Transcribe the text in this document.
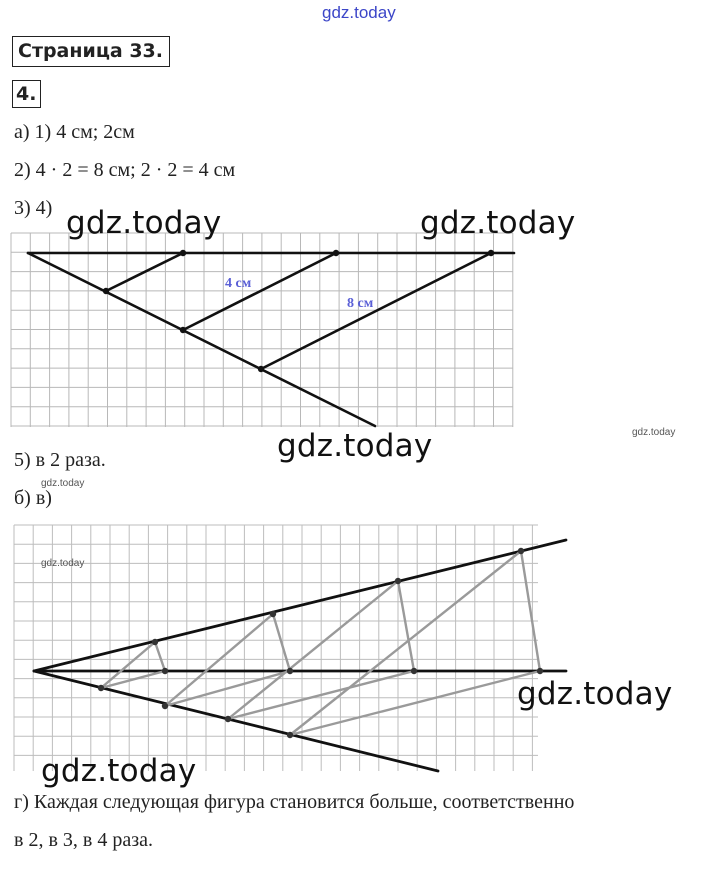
gdz.today
Страница 33.
4.
а) 1) 4 см; 2см
2) 4 · 2 = 8 см; 2 · 2 = 4 см
3) 4)
4 см
8 см
gdz.today	gdz.today
gdz.today	gdz.today
5) в 2 раза.
б) в)
gdz.today
gdz.today
gdz.today
gdz.today
г) Каждая следующая фигура становится больше, соответственно
в 2, в 3, в 4 раза.
